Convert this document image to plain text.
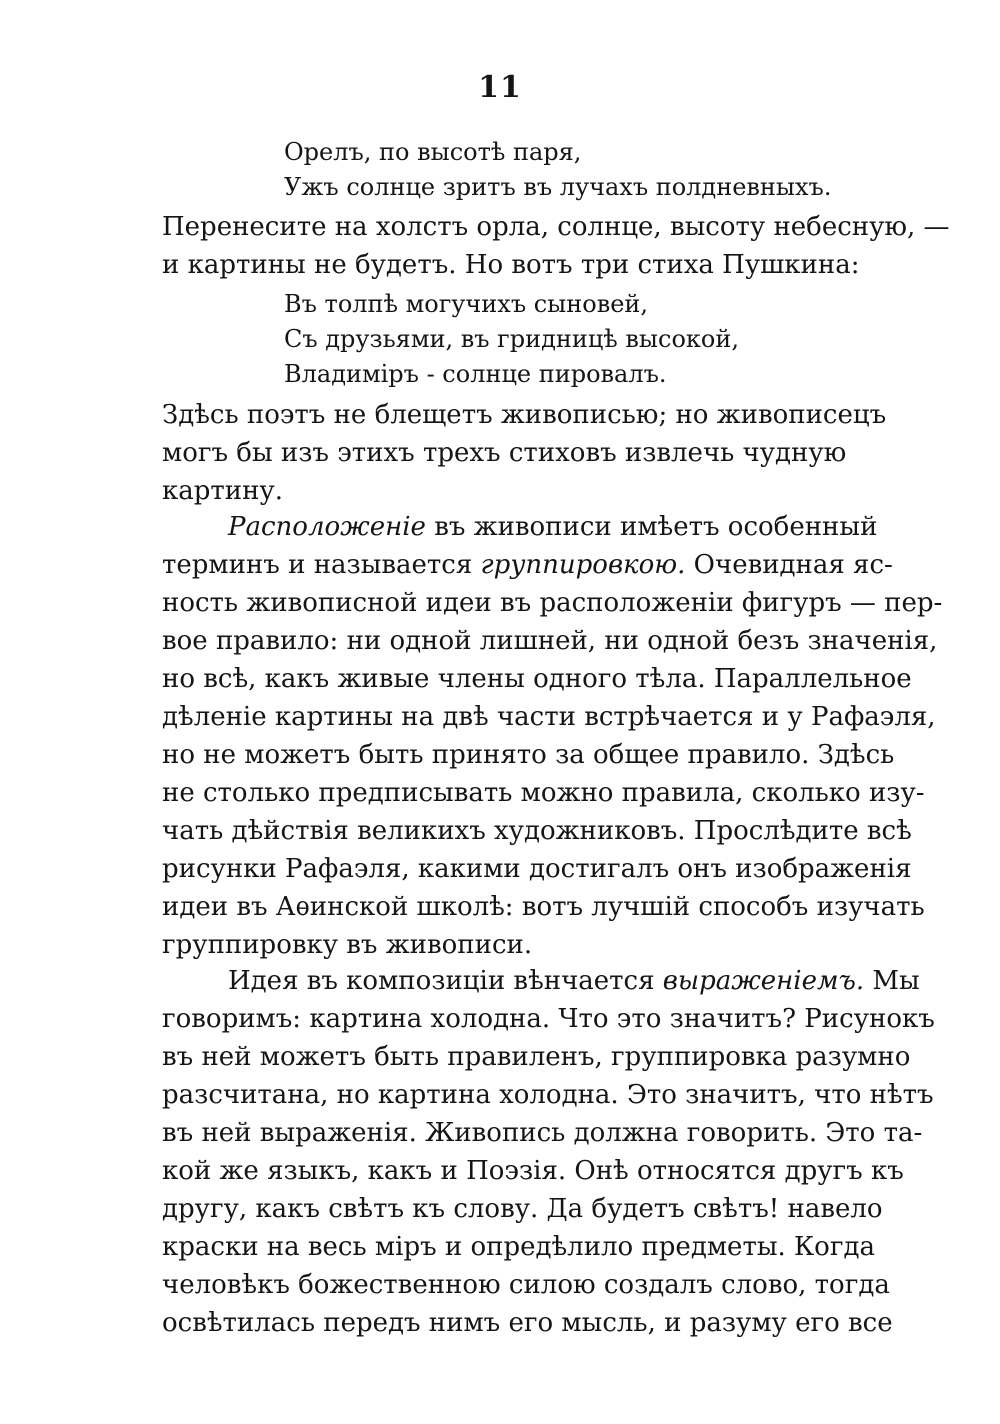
11
Орелъ, по высотѣ паря,
Ужъ солнце зритъ въ лучахъ полдневныхъ.
Перенесите на холстъ орла, солнце, высоту небесную, —
и картины не будетъ. Но вотъ три стиха Пушкина:
Въ толпѣ могучихъ сыновей,
Съ друзьями, въ гридницѣ высокой,
Владиміръ - солнце пировалъ.
Здѣсь поэтъ не блещетъ живописью; но живописецъ
могъ бы изъ этихъ трехъ стиховъ извлечь чудную
картину.
Расположеніе въ живописи имѣетъ особенный
терминъ и называется группировкою. Очевидная яс-
ность живописной идеи въ расположеніи фигуръ — пер-
вое правило: ни одной лишней, ни одной безъ значенія,
но всѣ, какъ живые члены одного тѣла. Параллельное
дѣленіе картины на двѣ части встрѣчается и у Рафаэля,
но не можетъ быть принято за общее правило. Здѣсь
не столько предписывать можно правила, сколько изу-
чать дѣйствія великихъ художниковъ. Прослѣдите всѣ
рисунки Рафаэля, какими достигалъ онъ изображенія
идеи въ Аѳинской школѣ: вотъ лучшій способъ изучать
группировку въ живописи.
Идея въ композиціи вѣнчается выраженіемъ. Мы
говоримъ: картина холодна. Что это значитъ? Рисунокъ
въ ней можетъ быть правиленъ, группировка разумно
разсчитана, но картина холодна. Это значитъ, что нѣтъ
въ ней выраженія. Живопись должна говорить. Это та-
кой же языкъ, какъ и Поэзія. Онѣ относятся другъ къ
другу, какъ свѣтъ къ слову. Да будетъ свѣтъ! навело
краски на весь міръ и опредѣлило предметы. Когда
человѣкъ божественною силою создалъ слово, тогда
освѣтилась передъ нимъ его мысль, и разуму его все
